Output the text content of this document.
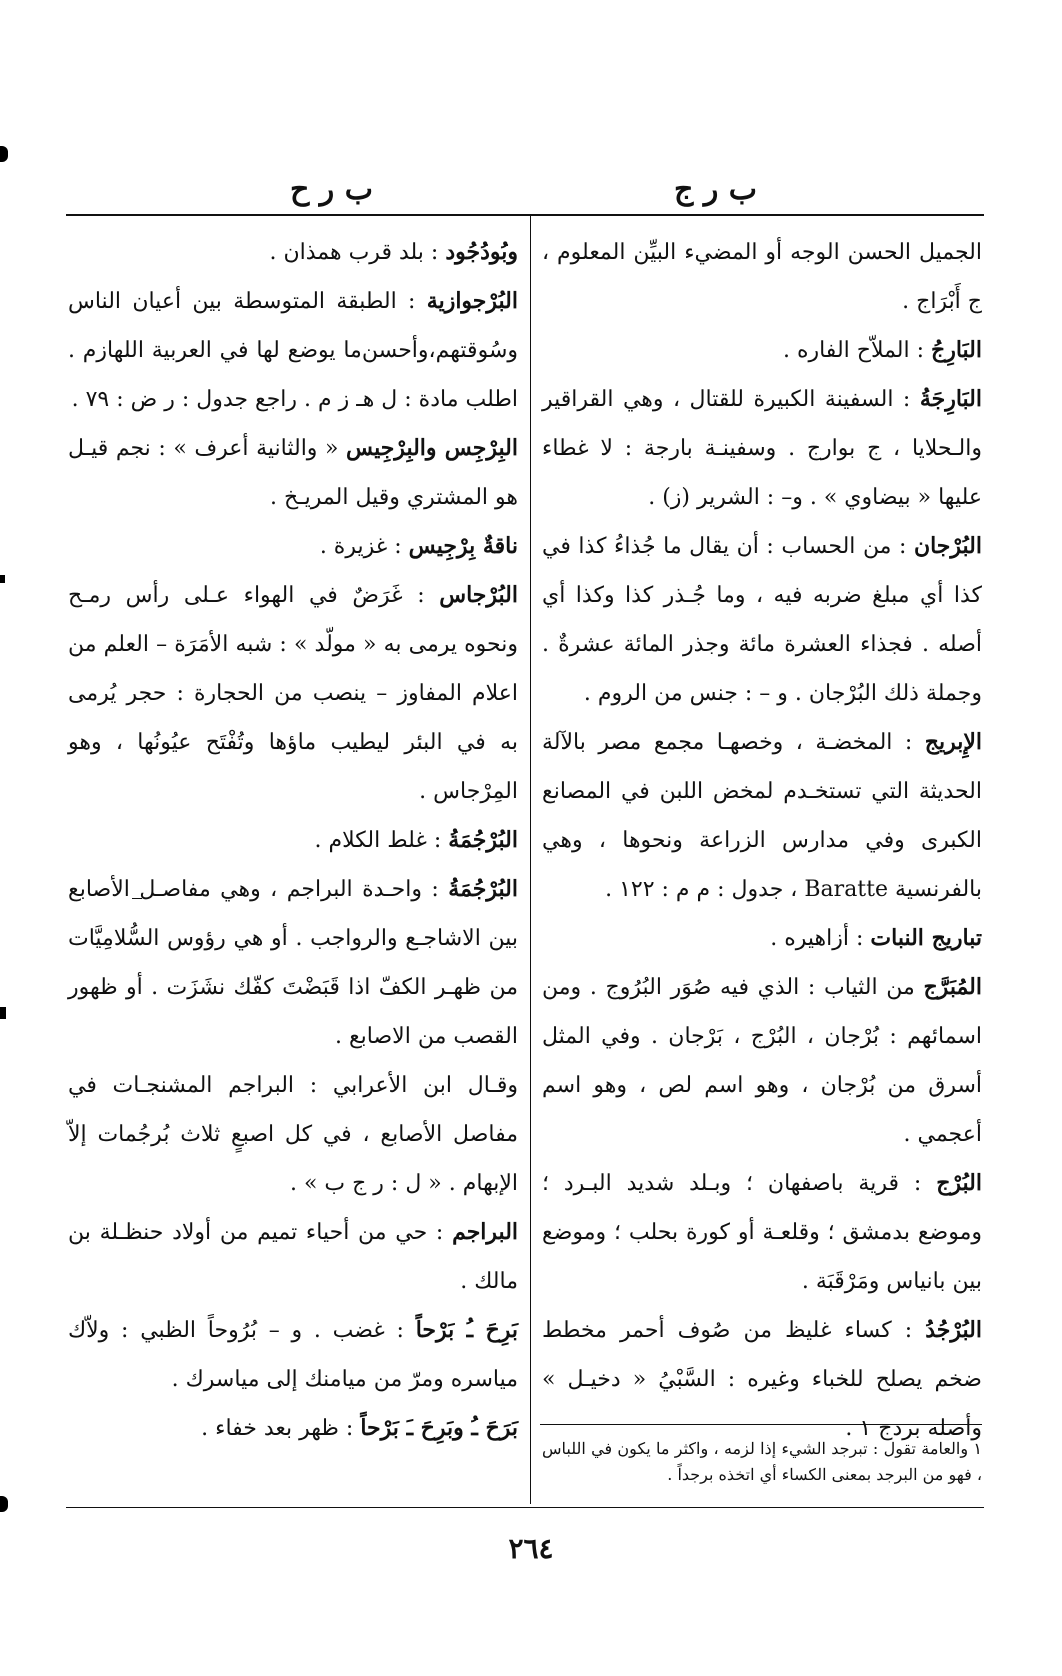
ب ر ج
ب ر ح

الجميل الحسن الوجه أو المضيء البيِّن المعلوم ، ج أَبْرَاج .

البَارِجُ : الملاّح الفاره .

البَارِجَةُ : السفينة الكبيرة للقتال ، وهي القراقير والـحلايا ، ج بوارج . وسفينـة بارجة : لا غطاء عليها « بيضاوي » . و– : الشرير (ز) .

البُرْجان : من الحساب : أن يقال ما جُذاءُ كذا في كذا أي مبلغ ضربه فيه ، وما جُـذر كذا وكذا أي أصله . فجذاء العشرة مائة وجذر المائة عشرةٌ . وجملة ذلك البُرْجان . و – : جنس من الروم .

الإِبريج : المخضـة ، وخصهـا مجمع مصر بالآلة الحديثة التي تستخـدم لمخض اللبن في المصانع الكبرى وفي مدارس الزراعة ونحوها ، وهي بالفرنسية Baratte ، جدول : م م : ١٢٢ .

تباريج النبات : أزاهيره .

المُبَرَّج من الثياب : الذي فيه صُوَر البُرُوج . ومن اسمائهم : بُرْجان ، البُرْج ، بَرْجان . وفي المثل أسرق من بُرْجان ، وهو اسم لص ، وهو اسم أعجمي .

البُرْج : قرية باصفهان ؛ وبـلد شديد البـرد ؛ وموضع بدمشق ؛ وقلعـة أو كورة بحلب ؛ وموضع بين بانياس ومَرْقَبَة .

البُرْجُدُ : كساء غليظ من صُوف أحمر مخطط ضخم يصلح للخباء وغيره : السَّبْيُ « دخيـل » وأصله بردج ١ .

وبُودُجُود : بلد قرب همذان .

البُرْجوازية : الطبقة المتوسطة بين أعيان الناس وسُوقتهم،وأحسن‌ما يوضع لها في العربية اللهازم . اطلب مادة : ل هـ ز م . راجع جدول : ر ض : ٧٩ .

البِرْجِس والبِرْجِيس « والثانية أعرف » : نجم قيـل هو المشتري وقيل المريـخ .

ناقةٌ بِرْجِيس : غزيرة .

البُرْجاس : غَرَضٌ في الهواء عـلى رأس رمـح ونحوه يرمى به « مولّد » : شبه الأمَرَة – العلم من اعلام المفاوز – ينصب من الحجارة : حجر يُرمى به في البئر ليطيب ماؤها وتُفْتَح عيُونُها ، وهو المِرْجاس .

البُرْجُمَةُ : غلط الكلام .

البُرْجُمَةُ : واحـدة البراجم ، وهي مفاصـل الأصابع بين الاشاجـع والرواجب . أو هي رؤوس السُّلامِيَّات من ظهـر الكفّ اذا قَبَضْتَ كفّك نشَزَت . أو ظهور القصب من الاصابع .

وقـال ابن الأعرابي : البراجم المشنجـات في مفاصل الأصابع ، في كل اصبعٍ ثلاث بُرجُمات إلاّ الإبهام . « ل : ر ج ب » .

البراجم : حي من أحياء تميم من أولاد حنظـلة بن مالك .

بَرِحَ ـُ بَرْحاً : غضب . و – بُرُوحاً الظبي : ولاّك مياسره ومرّ من ميامنك إلى مياسرك .

بَرَحَ ـُ وبَرِحَ ـَ بَرْحاً : ظهر بعد خفاء .

١ والعامة تقول : تبرجد الشيء إذا لزمه ، واكثر ما يكون في اللباس ، فهو من البرجد بمعنى الكساء أي اتخذه برجداً .
٢٦٤
